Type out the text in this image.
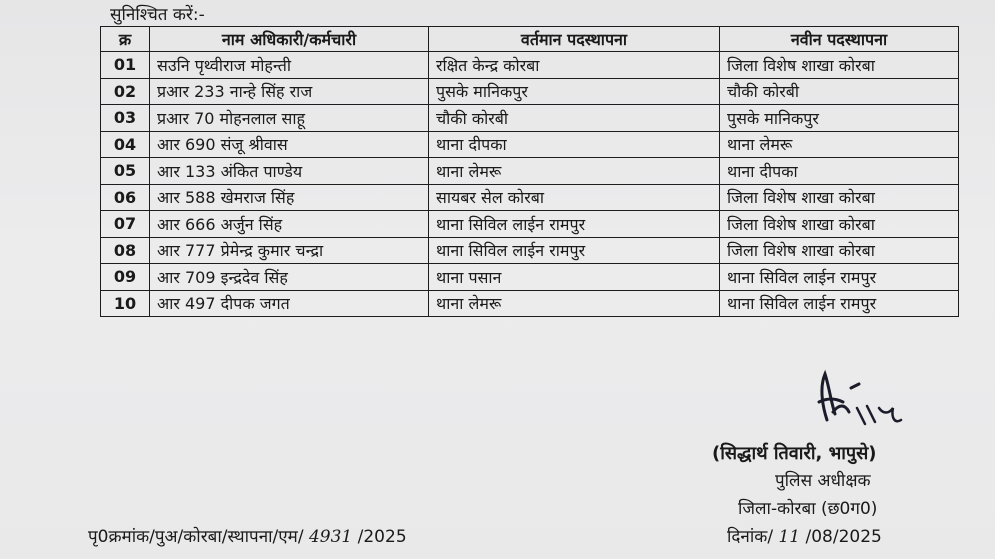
सुनिश्चित करें:-
क्र	नाम अधिकारी/कर्मचारी	वर्तमान पदस्थापना	नवीन पदस्थापना
01	सउनि पृथ्वीराज मोहन्ती	रक्षित केन्द्र कोरबा	जिला विशेष शाखा कोरबा
02	प्रआर 233 नान्हे सिंह राज	पुसके मानिकपुर	चौकी कोरबी
03	प्रआर 70 मोहनलाल साहू	चौकी कोरबी	पुसके मानिकपुर
04	आर 690 संजू श्रीवास	थाना दीपका	थाना लेमरू
05	आर 133 अंकित पाण्डेय	थाना लेमरू	थाना दीपका
06	आर 588 खेमराज सिंह	सायबर सेल कोरबा	जिला विशेष शाखा कोरबा
07	आर 666 अर्जुन सिंह	थाना सिविल लाईन रामपुर	जिला विशेष शाखा कोरबा
08	आर 777 प्रेमेन्द्र कुमार चन्द्रा	थाना सिविल लाईन रामपुर	जिला विशेष शाखा कोरबा
09	आर 709 इन्द्रदेव सिंह	थाना पसान	थाना सिविल लाईन रामपुर
10	आर 497 दीपक जगत	थाना लेमरू	थाना सिविल लाईन रामपुर
(सिद्धार्थ तिवारी, भापुसे)
पुलिस अधीक्षक
जिला-कोरबा (छ0ग0)
पृ0क्रमांक/पुअ/कोरबा/स्थापना/एम/ 4931 /2025	दिनांक/ 11 /08/2025
